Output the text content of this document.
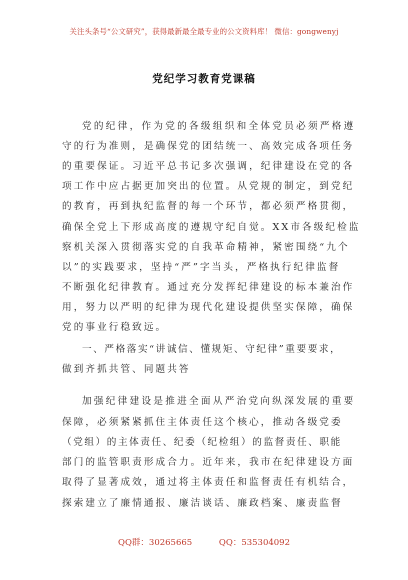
关注头条号“公文研究”，获得最新最全最专业的公文资料库！ 微信：gongwenyj
党纪学习教育党课稿
党的纪律，作为党的各级组织和全体党员必须严格遵
守的行为准则，是确保党的团结统一、高效完成各项任务
的重要保证。习近平总书记多次强调，纪律建设在党的各
项工作中应占据更加突出的位置。从党规的制定，到党纪
的教育，再到执纪监督的每一个环节，都必须严格贯彻，
确保全党上下形成高度的遵规守纪自觉。XX市各级纪检监
察机关深入贯彻落实党的自我革命精神，紧密围绕“九个
以”的实践要求，坚持“严”字当头，严格执行纪律监督
不断强化纪律教育。通过充分发挥纪律建设的标本兼治作
用，努力以严明的纪律为现代化建设提供坚实保障，确保
党的事业行稳致远。
一、严格落实“讲诚信、懂规矩、守纪律”重要要求，
做到齐抓共管、同题共答
加强纪律建设是推进全面从严治党向纵深发展的重要
保障，必须紧紧抓住主体责任这个核心，推动各级党委
（党组）的主体责任、纪委（纪检组）的监督责任、职能
部门的监管职责形成合力。近年来，我市在纪律建设方面
取得了显著成效，通过将主体责任和监督责任有机结合，
探索建立了廉情通报、廉洁谈话、廉政档案、廉责监督
QQ群：30265665	QQ：535304092
